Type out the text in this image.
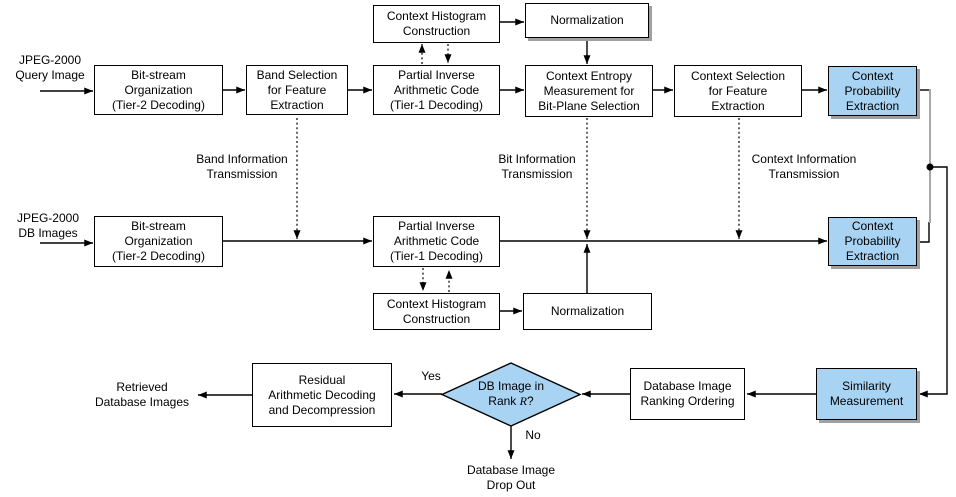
Context Histogram
Construction
Normalization
JPEG-2000
Query Image	Bit-stream
Organization
(Tier-2 Decoding)
Band Selection
for Feature
Extraction
Partial Inverse
Arithmetic Code
(Tier-1 Decoding)
Context Entropy
Measurement for
Bit-Plane Selection
Context Selection
for Feature
Extraction
Context
Probability
Extraction
Band Information
Transmission
Bit Information
Transmission
Context Information
Transmission
JPEG-2000
DB Images	Bit-stream
Organization
(Tier-2 Decoding)
Partial Inverse
Arithmetic Code
(Tier-1 Decoding)
Context
Probability
Extraction
Context Histogram
Construction
Normalization
Retrieved
Database Images
Residual
Arithmetic Decoding
and Decompression
Yes
DB Image in
Rank R?
No
Database Image
Drop Out
Database Image
Ranking Ordering
Similarity
Measurement
